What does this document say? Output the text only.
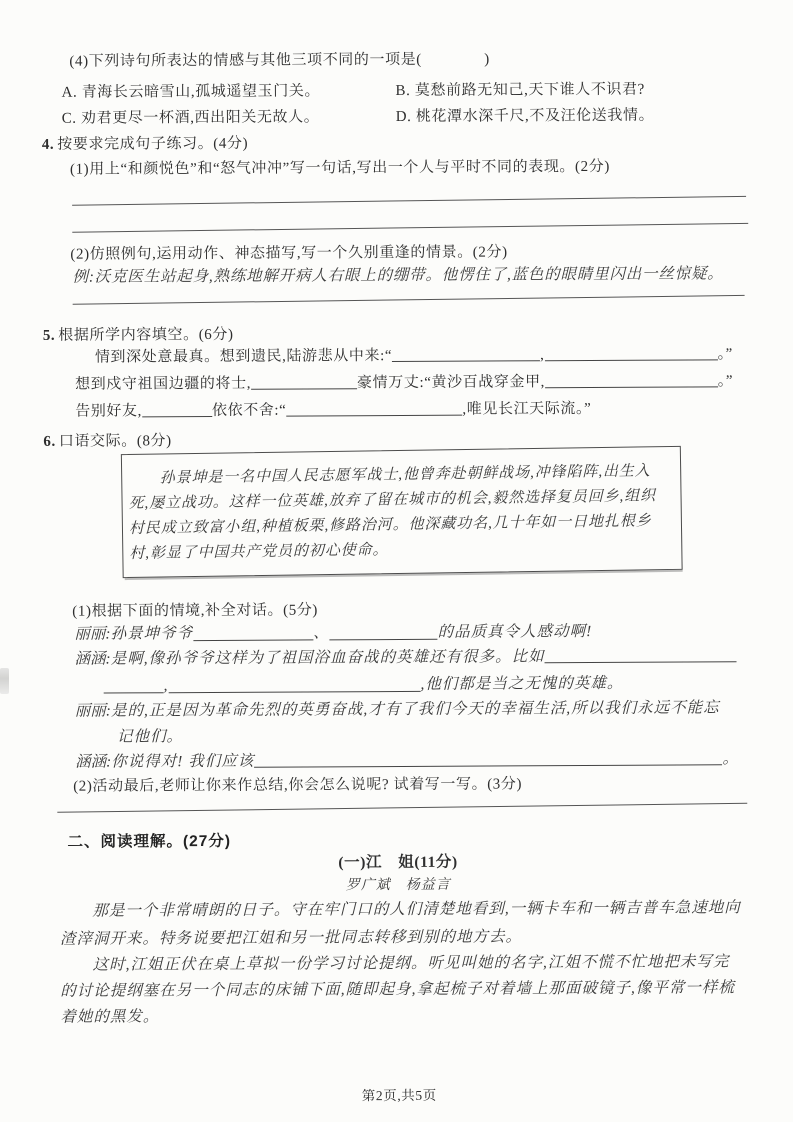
(4)下列诗句所表达的情感与其他三项不同的一项是(　　　　)
A. 青海长云暗雪山,孤城遥望玉门关。	B. 莫愁前路无知己,天下谁人不识君?
C. 劝君更尽一杯酒,西出阳关无故人。	D. 桃花潭水深千尺,不及汪伦送我情。
4. 按要求完成句子练习。(4分)
(1)用上“和颜悦色”和“怒气冲冲”写一句话,写出一个人与平时不同的表现。(2分)
(2)仿照例句,运用动作、神态描写,写一个久别重逢的情景。(2分)
例:沃克医生站起身,熟练地解开病人右眼上的绷带。他愣住了,蓝色的眼睛里闪出一丝惊疑。
5. 根据所学内容填空。(6分)
情到深处意最真。想到遗民,陆游悲从中来:“	,	。”
想到戍守祖国边疆的将士,	豪情万丈:“黄沙百战穿金甲,	。”
告别好友,	依依不舍:“	,唯见长江天际流。”
6. 口语交际。(8分)
孙景坤是一名中国人民志愿军战士,他曾奔赴朝鲜战场,冲锋陷阵,出生入死,屡立战功。这样一位英雄,放弃了留在城市的机会,毅然选择复员回乡,组织村民成立致富小组,种植板栗,修路治河。他深藏功名,几十年如一日地扎根乡村,彰显了中国共产党员的初心使命。
(1)根据下面的情境,补全对话。(5分)
丽丽:孙景坤爷爷	、	的品质真令人感动啊!
涵涵: 是啊,像孙爷爷这样为了祖国浴血奋战的英雄还有很多。比如
,	,他们都是当之无愧的英雄。
丽丽:是的,正是因为革命先烈的英勇奋战,才有了我们今天的幸福生活,所以我们永远不能忘
记他们。
涵涵: 你说得对! 我们应该	。
(2)活动最后,老师让你来作总结,你会怎么说呢? 试着写一写。(3分)
二、阅读理解。(27分)
(一)江　姐(11分)
罗广斌　杨益言
那是一个非常晴朗的日子。守在牢门口的人们清楚地看到,一辆卡车和一辆吉普车急速地向渣滓洞开来。特务说要把江姐和另一批同志转移到别的地方去。
这时,江姐正伏在桌上草拟一份学习讨论提纲。听见叫她的名字,江姐不慌不忙地把未写完的讨论提纲塞在另一个同志的床铺下面,随即起身,拿起梳子对着墙上那面破镜子,像平常一样梳着她的黑发。
第2页,共5页
